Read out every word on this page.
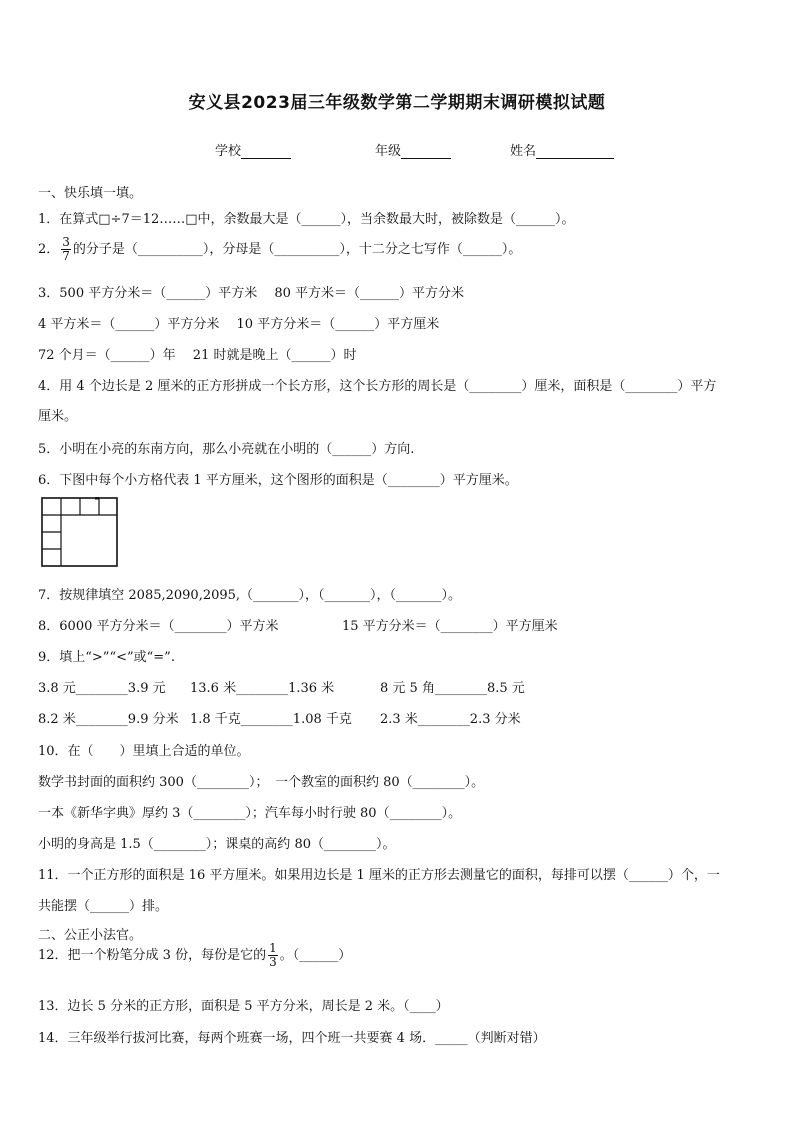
安义县2023届三年级数学第二学期期末调研模拟试题
学校	年级	姓名
一、快乐填一填。
1．在算式□÷7＝12……□中，余数最大是（______），当余数最大时，被除数是（______）。
2． $\frac{3}{7}$ 的分子是（__________），分母是（__________），十二分之七写作（______）。
3．500 平方分米＝（______）平方米　 80 平方米＝（______）平方分米
4 平方米＝（______）平方分米　 10 平方分米＝（______）平方厘米
72 个月＝（______）年　 21 时就是晚上（______）时
4．用 4 个边长是 2 厘米的正方形拼成一个长方形，这个长方形的周长是（________）厘米，面积是（________）平方
厘米。
5．小明在小亮的东南方向，那么小亮就在小明的（______）方向.
6．下图中每个小方格代表 1 平方厘米，这个图形的面积是（________）平方厘米。
7．按规律填空 2085,2090,2095,（_______），（_______），（_______）。
8．6000 平方分米＝（________）平方米	15 平方分米＝（________）平方厘米
9．填上“>”“<”或“=”.
3.8 元________3.9 元 13.6 米________1.36 米	8 元 5 角________8.5 元
8.2 米________9.9 分米 1.8 千克________1.08 千克 2.3 米________2.3 分米
10．在（　　）里填上合适的单位。
数学书封面的面积约 300（________）；　一个教室的面积约 80（________）。
一本《新华字典》厚约 3（________）；汽车每小时行驶 80（________）。
小明的身高是 1.5（________）；课桌的高约 80（________）。
11．一个正方形的面积是 16 平方厘米。如果用边长是 1 厘米的正方形去测量它的面积，每排可以摆（______）个，一
共能摆（______）排。
二、公正小法官。
12．把一个粉笔分成 3 份，每份是它的 $\frac{1}{3}$ 。（______）
13．边长 5 分米的正方形，面积是 5 平方分米，周长是 2 米。（____）
14．三年级举行拔河比赛，每两个班赛一场，四个班一共要赛 4 场．_____（判断对错）
